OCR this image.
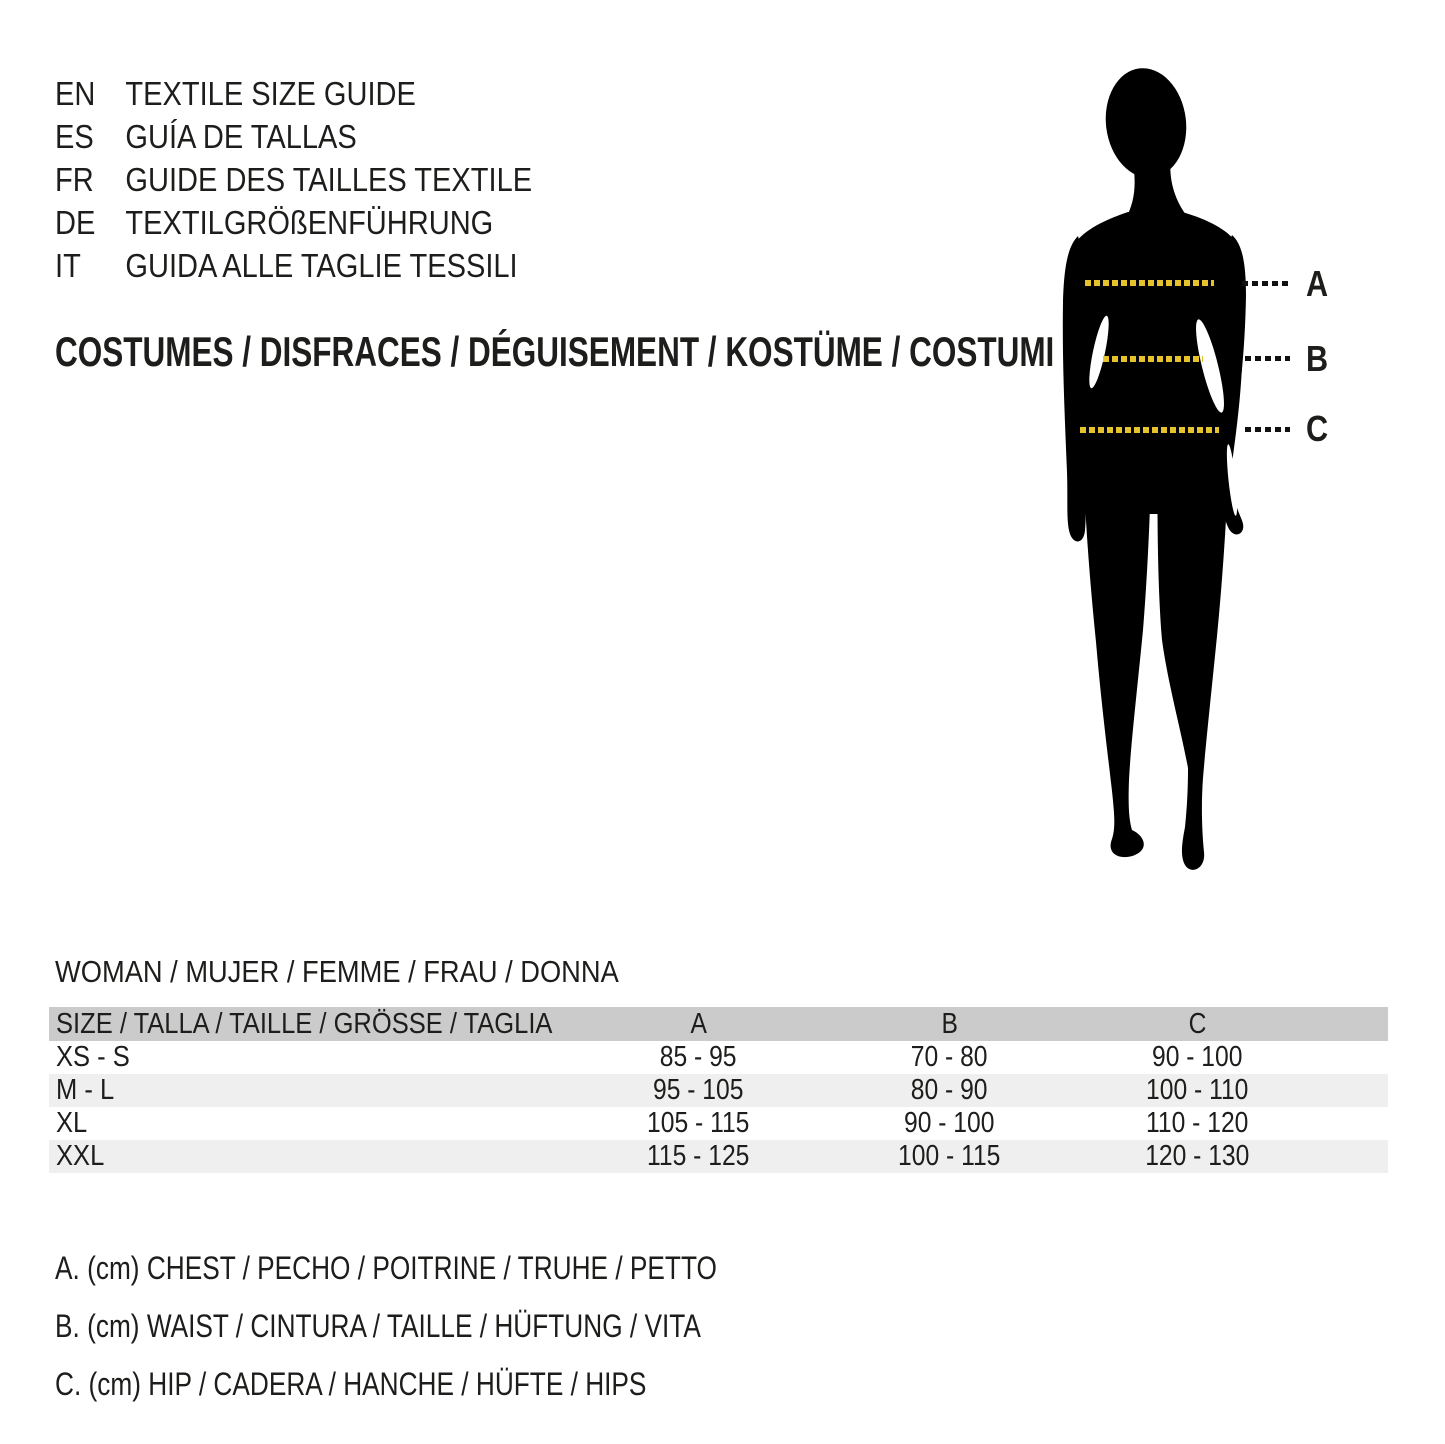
EN TEXTILE SIZE GUIDE
ES GUÍA DE TALLAS
FR GUIDE DES TAILLES TEXTILE
DE TEXTILGRÖßENFÜHRUNG
IT	GUIDA ALLE TAGLIE TESSILI
COSTUMES / DISFRACES / DÉGUISEMENT / KOSTÜME / COSTUMI
A
B
C
WOMAN / MUJER / FEMME / FRAU / DONNA
SIZE / TALLA / TAILLE / GRÖSSE / TAGLIA	A	B	C	
XS - S	85 - 95	70 - 80	90 - 100	
M - L	95 - 105	80 - 90	100 - 110	
XL	105 - 115	90 - 100	110 - 120	
XXL	115 - 125	100 - 115	120 - 130	
A. (cm) CHEST / PECHO / POITRINE / TRUHE / PETTO
B. (cm) WAIST / CINTURA / TAILLE / HÜFTUNG / VITA
C. (cm) HIP / CADERA / HANCHE / HÜFTE / HIPS
